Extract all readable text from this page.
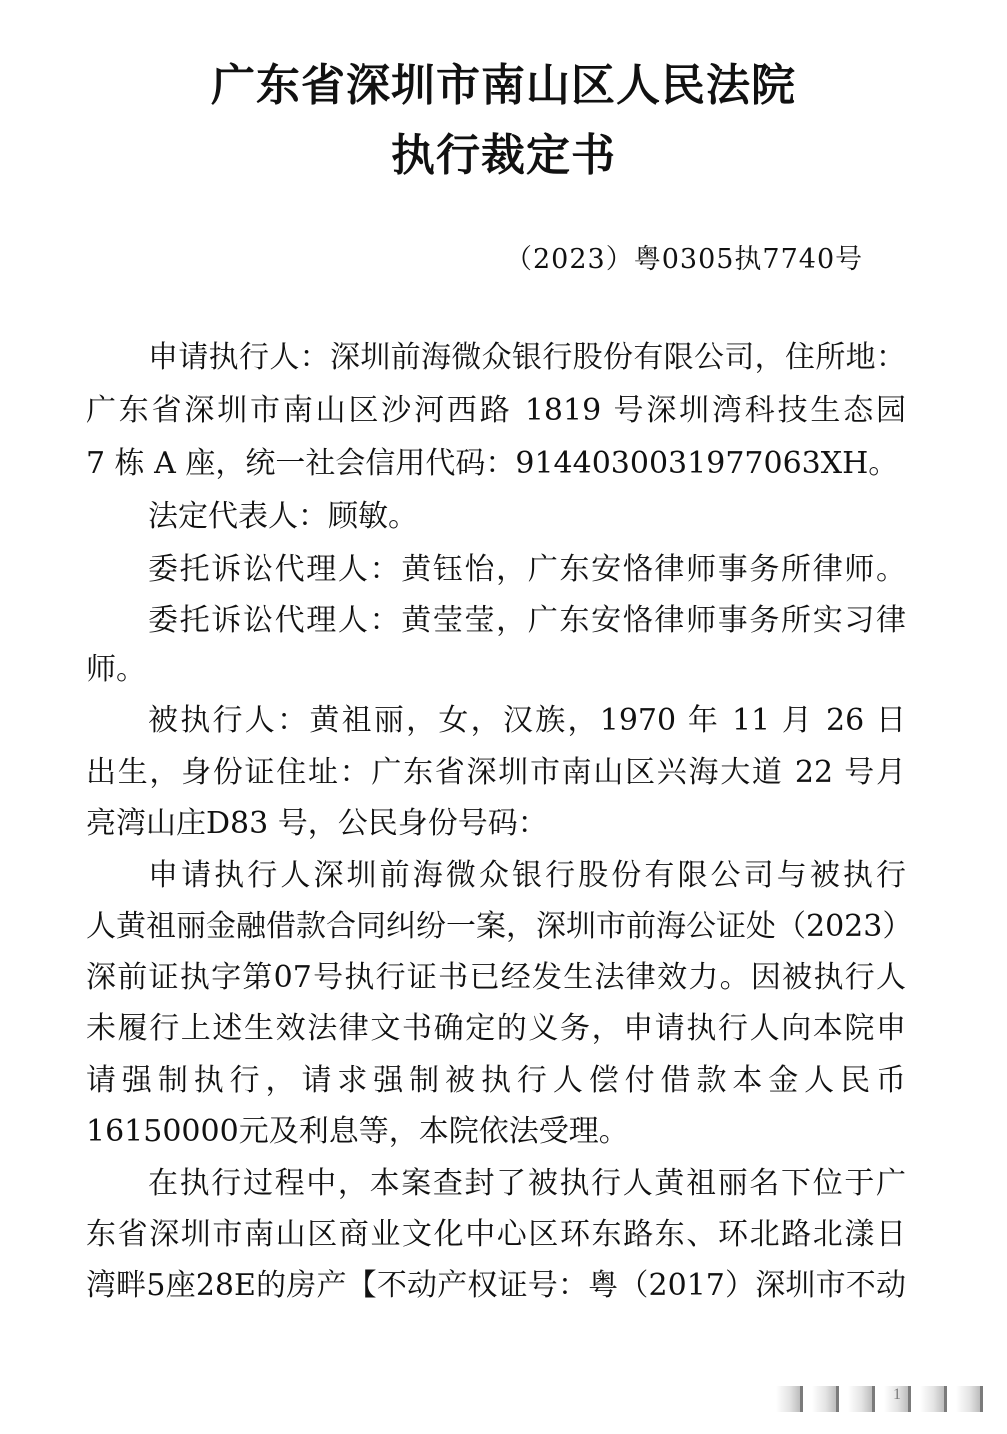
广东省深圳市南山区人民法院
执行裁定书
（2023）粤0305执7740号
申请执行人：深圳前海微众银行股份有限公司，住所地：
广东省深圳市南山区沙河西路 1819 号深圳湾科技生态园
7 栋 A 座，统一社会信用代码：9144030031977063XH。
法定代表人：顾敏。
委托诉讼代理人：黄钰怡，广东安恪律师事务所律师。
委托诉讼代理人：黄莹莹，广东安恪律师事务所实习律
师。
被执行人：黄祖丽，女，汉族，1970 年 11 月 26 日
出生，身份证住址：广东省深圳市南山区兴海大道 22 号月
亮湾山庄D83 号，公民身份号码：
申请执行人深圳前海微众银行股份有限公司与被执行
人黄祖丽金融借款合同纠纷一案，深圳市前海公证处（2023）
深前证执字第07号执行证书已经发生法律效力。因被执行人
未履行上述生效法律文书确定的义务，申请执行人向本院申
请强制执行，请求强制被执行人偿付借款本金人民币
16150000元及利息等，本院依法受理。
在执行过程中，本案查封了被执行人黄祖丽名下位于广
东省深圳市南山区商业文化中心区环东路东、环北路北漾日
湾畔5座28E的房产【不动产权证号：粤（2017）深圳市不动
